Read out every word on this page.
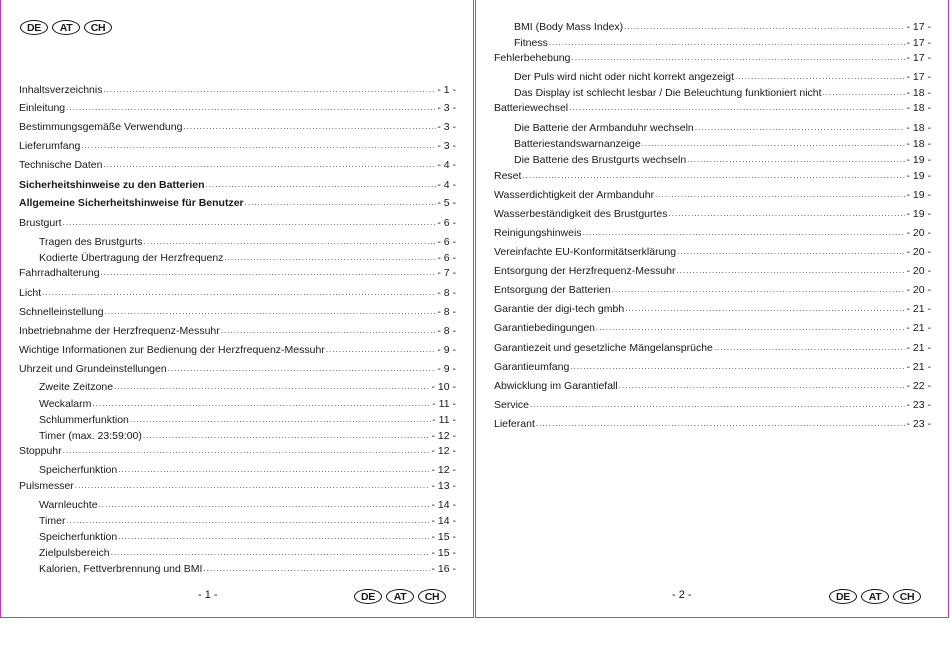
DE	AT	CH
Inhaltsverzeichnis .....	- 1 -
Einleitung .....	- 3 -
Bestimmungsgemäße Verwendung .....	- 3 -
Lieferumfang .....	- 3 -
Technische Daten .....	- 4 -
Sicherheitshinweise zu den Batterien .....	- 4 -
Allgemeine Sicherheitshinweise für Benutzer .....	- 5 -
Brustgurt .....	- 6 -
Tragen des Brustgurts .....	- 6 -
Kodierte Übertragung der Herzfrequenz .....	- 6 -
Fahrradhalterung .....	- 7 -
Licht .....	- 8 -
Schnelleinstellung .....	- 8 -
Inbetriebnahme der Herzfrequenz-Messuhr .....	- 8 -
Wichtige Informationen zur Bedienung der Herzfrequenz-Messuhr .....	- 9 -
Uhrzeit und Grundeinstellungen .....	- 9 -
Zweite Zeitzone .....	- 10 -
Weckalarm .....	- 11 -
Schlummerfunktion .....	- 11 -
Timer (max. 23:59:00) .....	- 12 -
Stoppuhr .....	- 12 -
Speicherfunktion .....	- 12 -
Pulsmesser .....	- 13 -
Warnleuchte .....	- 14 -
Timer .....	- 14 -
Speicherfunktion .....	- 15 -
Zielpulsbereich .....	- 15 -
Kalorien, Fettverbrennung und BMI .....	- 16 -
BMI (Body Mass Index) .....	- 17 -
Fitness .....	- 17 -
Fehlerbehebung .....	- 17 -
Der Puls wird nicht oder nicht korrekt angezeigt .....	- 17 -
Das Display ist schlecht lesbar / Die Beleuchtung funktioniert nicht .....	- 18 -
Batteriewechsel .....	- 18 -
Die Batterie der Armbanduhr wechseln .....	- 18 -
Batteriestandswarnanzeige .....	- 18 -
Die Batterie des Brustgurts wechseln .....	- 19 -
Reset .....	- 19 -
Wasserdichtigkeit der Armbanduhr .....	- 19 -
Wasserbeständigkeit des Brustgurtes .....	- 19 -
Reinigungshinweis .....	- 20 -
Vereinfachte EU-Konformitätserklärung .....	- 20 -
Entsorgung der Herzfrequenz-Messuhr .....	- 20 -
Entsorgung der Batterien .....	- 20 -
Garantie der digi-tech gmbh .....	- 21 -
Garantiebedingungen .....	- 21 -
Garantiezeit und gesetzliche Mängelansprüche .....	- 21 -
Garantieumfang .....	- 21 -
Abwicklung im Garantiefall .....	- 22 -
Service .....	- 23 -
Lieferant .....	- 23 -
- 1 -	DE	AT	CH	- 2 -	DE	AT	CH
